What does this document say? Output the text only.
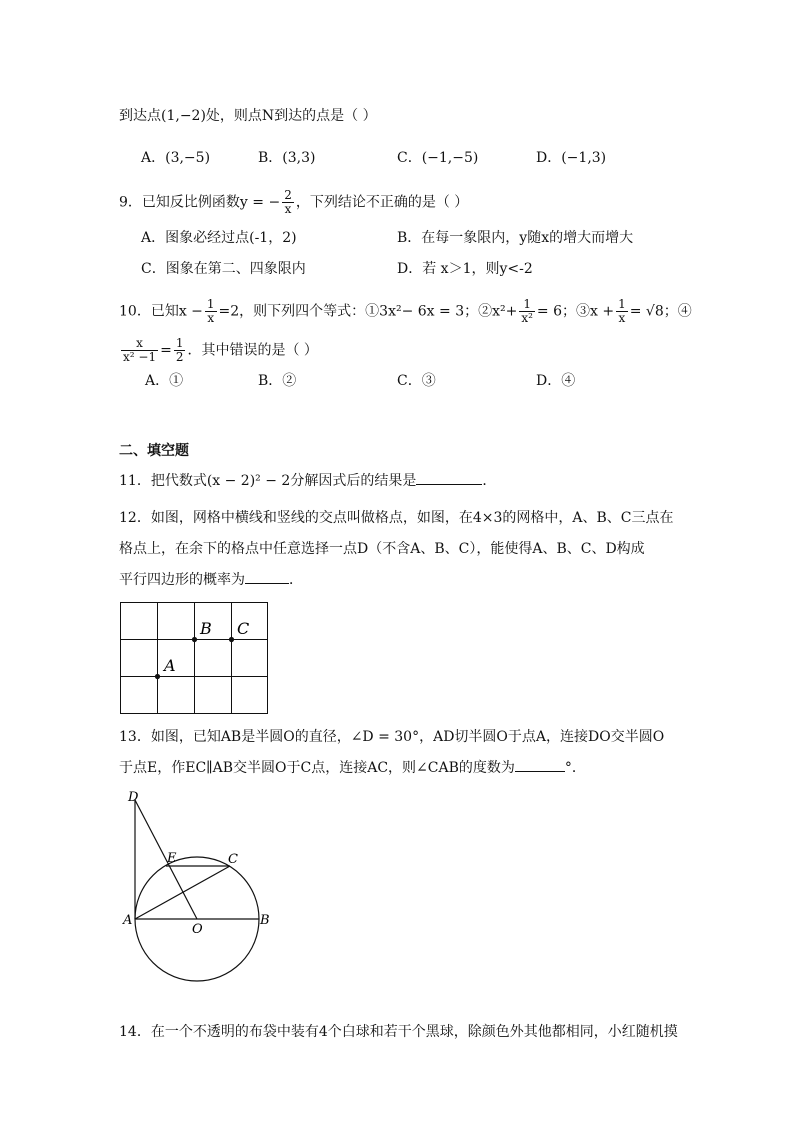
到达点(1,−2)处，则点N到达的点是（ ）
A．(3,−5)	B．(3,3)	C．(−1,−5)	D．(−1,3)
9．已知反比例函数y = − $\frac{2}{x}$ ，下列结论不正确的是（ ）
A．图象必经过点(-1，2)	B．在每一象限内，y随x的增大而增大
C．图象在第二、四象限内	D．若 x＞1，则y<-2
10．已知$x - \frac{1}{x} =2$，则下列四个等式：①3x²− 6x = 3；②x²+ $\frac{1}{\text{x²}} = 6$；③x + $\frac{1}{x} = √8$；④
$\frac{x}{\text{x² −1}} = \frac{1}{2}$ ．其中错误的是（ ）
A．①	B．②	C．③	D．④
二、填空题
11．把代数式(x − 2)² − 2分解因式后的结果是	．
12．如图，网格中横线和竖线的交点叫做格点，如图，在4×3的网格中，A、B、C三点在
格点上，在余下的格点中任意选择一点D（不含A、B、C），能使得A、B、C、D构成
平行四边形的概率为	．
B C
A
13．如图，已知AB是半圆O的直径，∠D = 30°，AD切半圆O于点A，连接DO交半圆O
于点E，作EC∥AB交半圆O于C点，连接AC，则∠CAB的度数为	°．
D
E	C
A
O
B
14．在一个不透明的布袋中装有4个白球和若干个黑球，除颜色外其他都相同，小红随机摸
